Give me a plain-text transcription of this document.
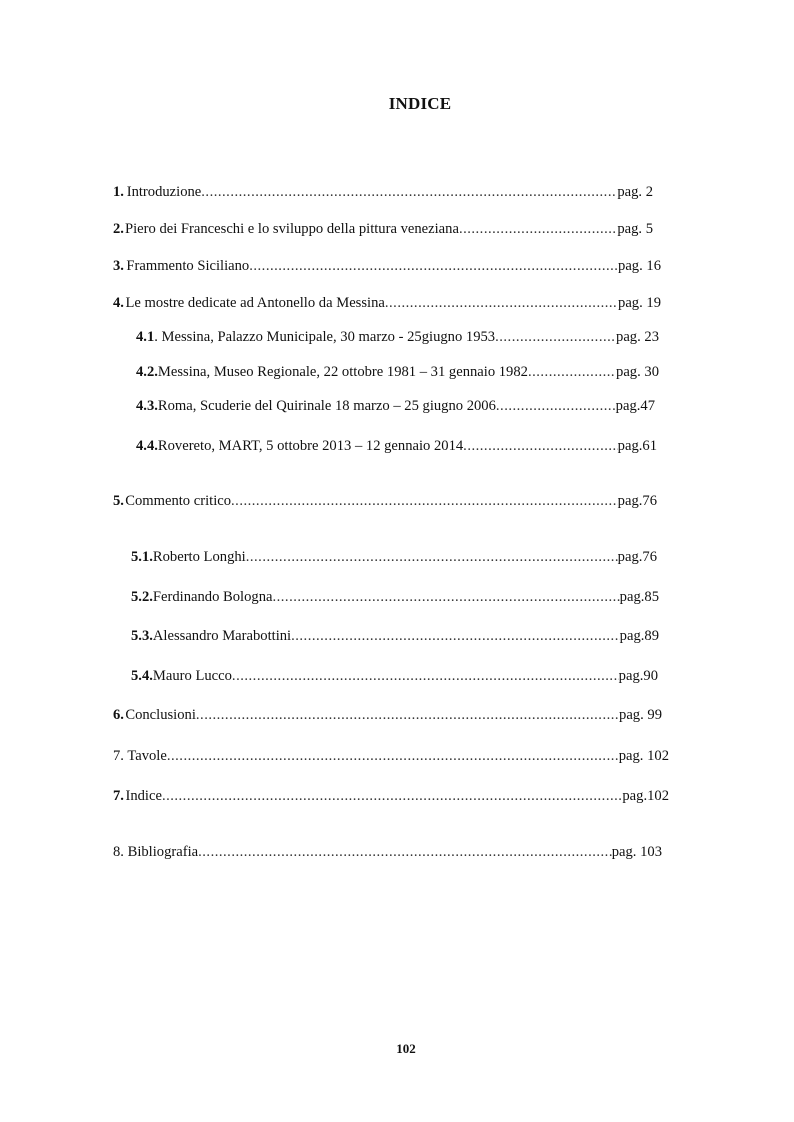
INDICE
1. Introduzione .....	pag. 2
2. Piero dei Franceschi e lo sviluppo della pittura veneziana .....	pag. 5
3. Frammento Siciliano .....	pag. 16
4. Le mostre dedicate ad Antonello da Messina .....	pag. 19
4.1 . Messina, Palazzo Municipale, 30 marzo - 25giugno 1953 .....	pag. 23
4.2. Messina, Museo Regionale, 22 ottobre 1981 – 31 gennaio 1982 .....	pag. 30
4.3. Roma, Scuderie del Quirinale 18 marzo – 25 giugno 2006 .....	pag.47
4.4. Rovereto, MART, 5 ottobre 2013 – 12 gennaio 2014 .....	pag.61
5. Commento critico .....	pag.76
5.1. Roberto Longhi .....	pag.76
5.2. Ferdinando Bologna .....	pag.85
5.3. Alessandro Marabottini .....	pag.89
5.4. Mauro Lucco .....	pag.90
6. Conclusioni .....	pag. 99
7. Tavole .....	pag. 102
7. Indice .....	pag.102
8. Bibliografia .....	pag. 103
102
